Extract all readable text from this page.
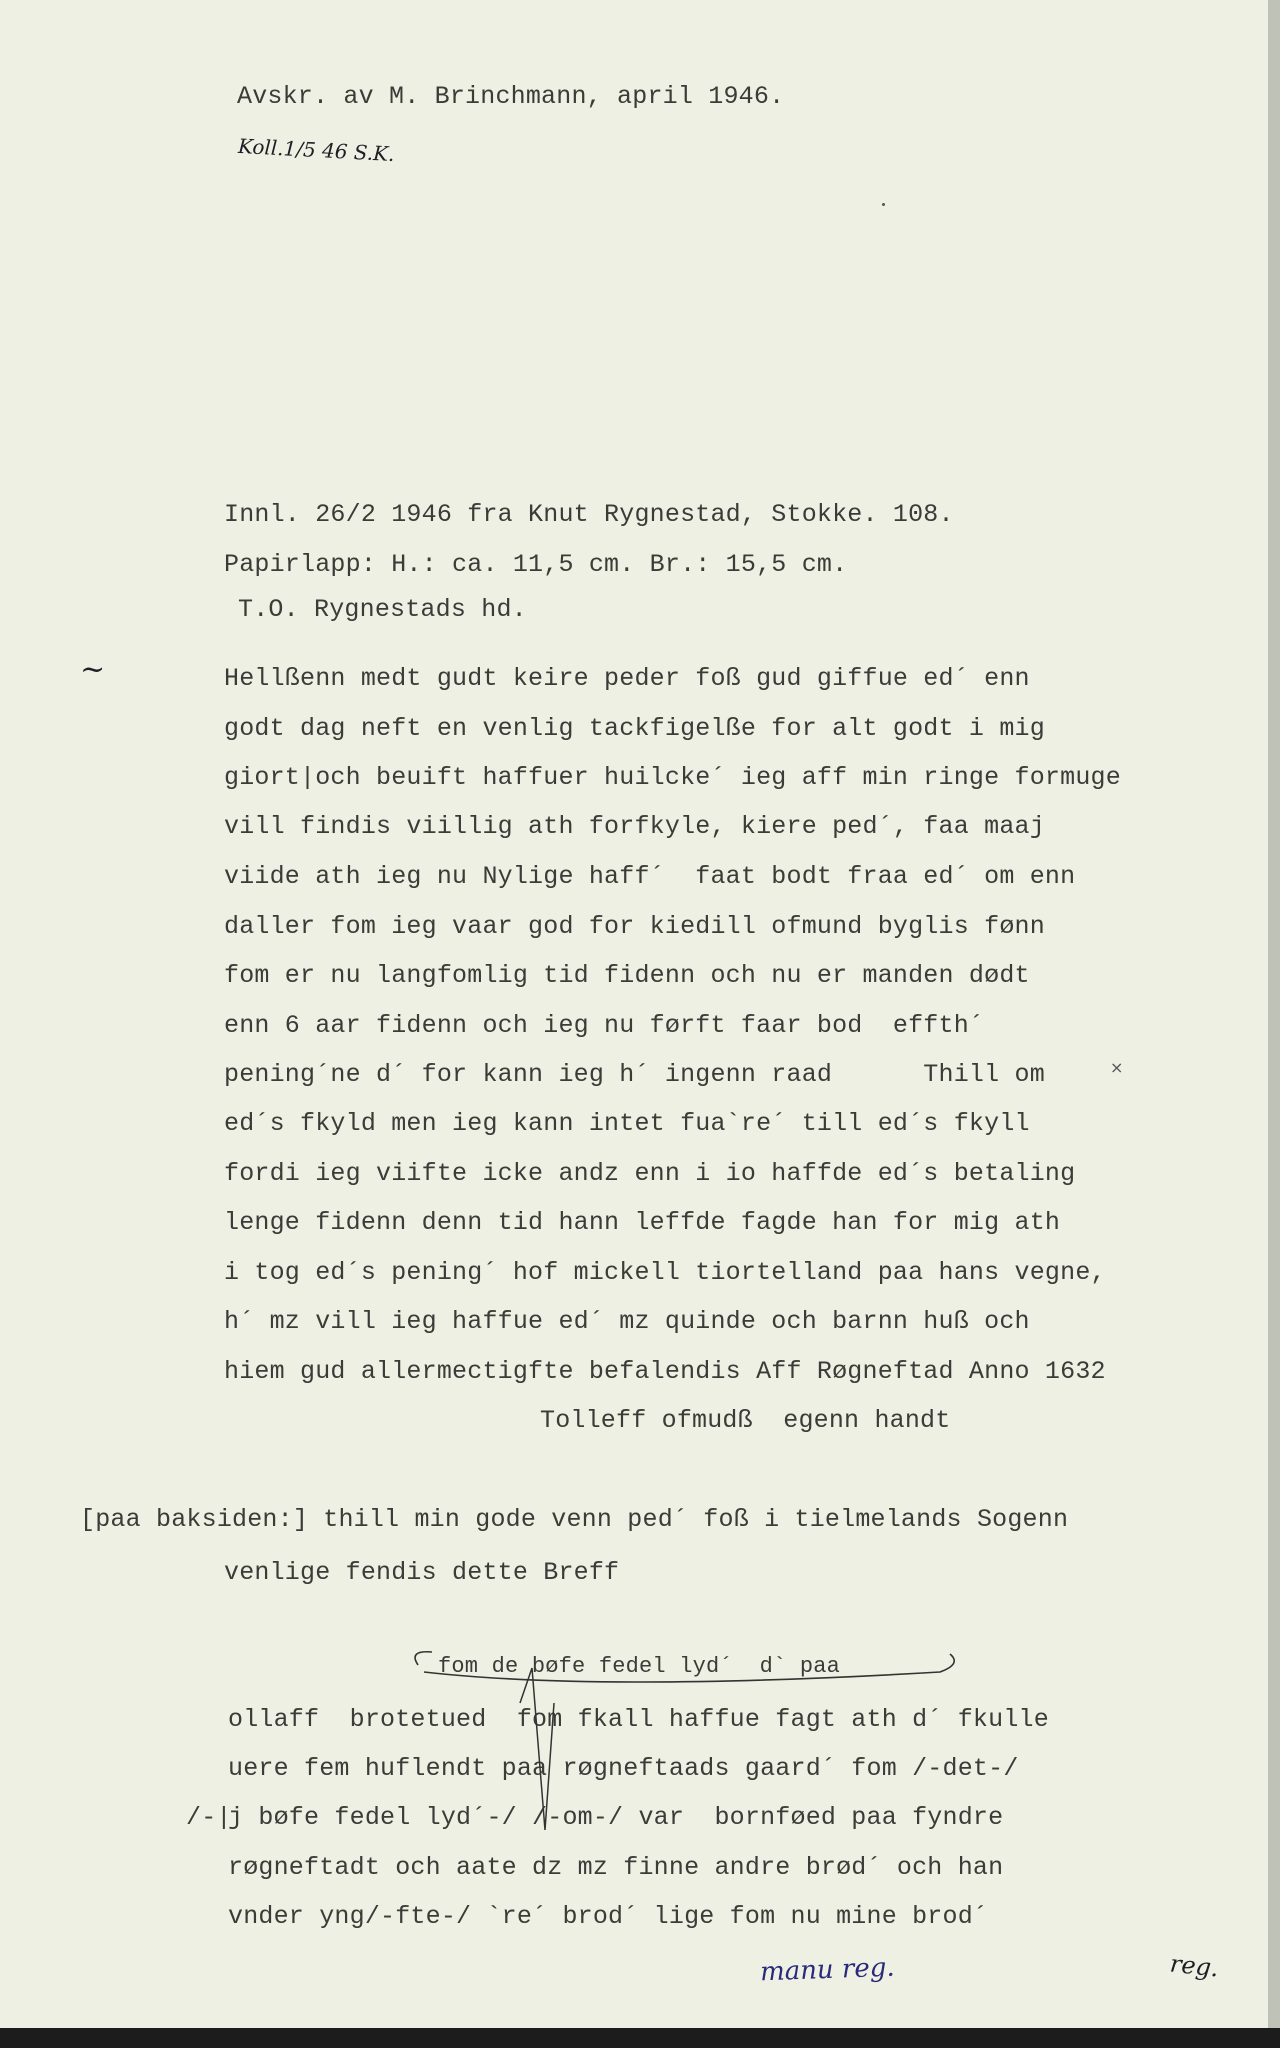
Avskr. av M. Brinchmann, april 1946.
Koll.1/5 46 S.K.
Innl. 26/2 1946 fra Knut Rygnestad, Stokke. 108.
Papirlapp: H.: ca. 11,5 cm. Br.: 15,5 cm.
T.O. Rygnestads hd.
~
×
Hellßenn medt gudt keire peder foß gud giffue ed´ enn
godt dag neft en venlig tackfigelße for alt godt i mig
giort|och beuift haffuer huilcke´ ieg aff min ringe formuge
vill findis viillig ath forfkyle, kiere ped´, faa maaj
viide ath ieg nu Nylige haff´  faat bodt fraa ed´ om enn
daller fom ieg vaar god for kiedill ofmund byglis fønn
fom er nu langfomlig tid fidenn och nu er manden dødt
enn 6 aar fidenn och ieg nu førft faar bod  effth´
pening´ne d´ for kann ieg h´ ingenn raad      Thill om
ed´s fkyld men ieg kann intet fua`re´ till ed´s fkyll
fordi ieg viifte icke andz enn i io haffde ed´s betaling
lenge fidenn denn tid hann leffde fagde han for mig ath
i tog ed´s pening´ hof mickell tiortelland paa hans vegne,
h´ mz vill ieg haffue ed´ mz quinde och barnn huß och
hiem gud allermectigfte befalendis Aff Røgneftad Anno 1632
Tolleff ofmudß  egenn handt
[paa baksiden:] thill min gode venn ped´ foß i tielmelands Sogenn
venlige fendis dette Breff
fom de bøfe fedel lyd´  d` paa
ollaff  brotetued  fom fkall haffue fagt ath d´ fkulle
uere fem huflendt paa røgneftaads gaard´ fom /-det-/
/-|
j bøfe fedel lyd´-/ /-om-/ var  bornføed paa fyndre
røgneftadt och aate dz mz finne andre brød´ och han
vnder yng/-fte-/ `re´ brod´ lige fom nu mine brod´
manu reg.	reg.
